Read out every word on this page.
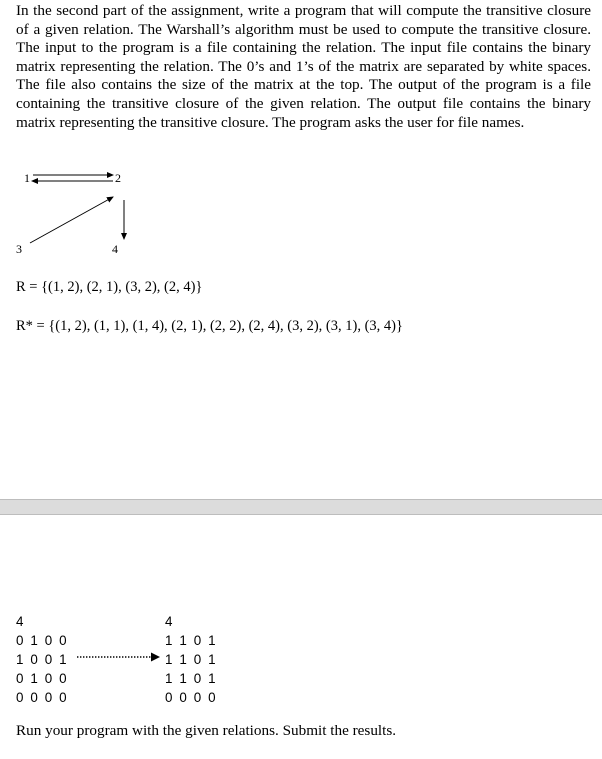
In the second part of the assignment, write a program that will compute the transitive closure of a given relation. The Warshall’s algorithm must be used to compute the transitive closure. The input to the program is a file containing the relation. The input file contains the binary matrix representing the relation. The 0’s and 1’s of the matrix are separated by white spaces. The file also contains the size of the matrix at the top. The output of the program is a file containing the transitive closure of the given relation. The output file contains the binary matrix representing the transitive closure. The program asks the user for file names.

1	2
3	4

R = {(1, 2), (2, 1), (3, 2), (2, 4)}

R* = {(1, 2), (1, 1), (1, 4), (2, 1), (2, 2), (2, 4), (3, 2), (3, 1), (3, 4)}

4
0 1 0 0
1 0 0 1
0 1 0 0
0 0 0 0
4
1 1 0 1
1 1 0 1
1 1 0 1
0 0 0 0

Run your program with the given relations. Submit the results.
